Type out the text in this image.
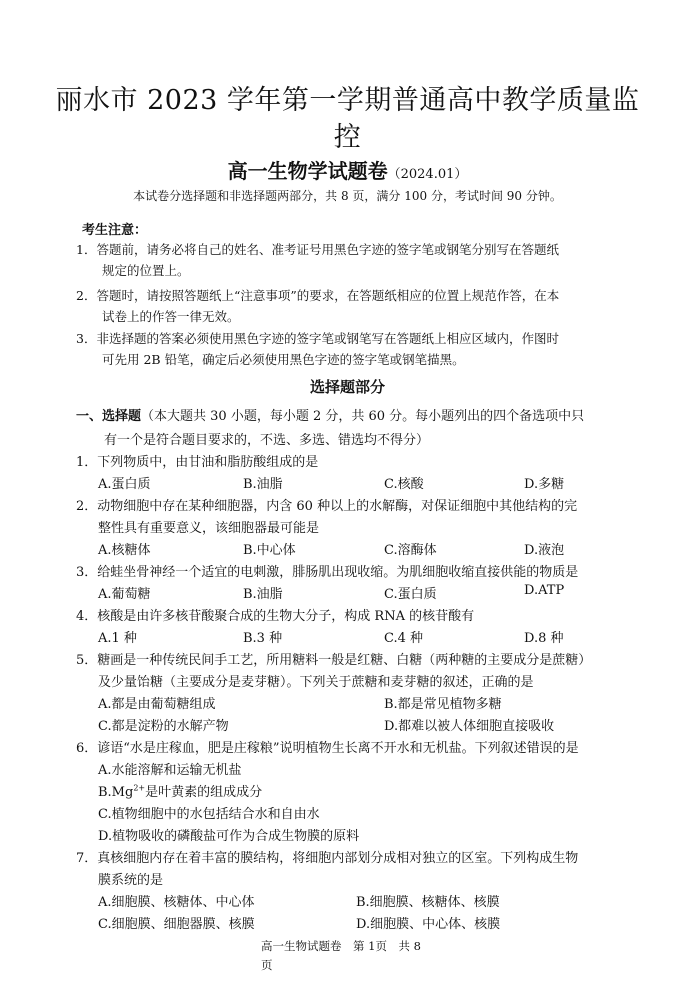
丽水市 2023 学年第一学期普通高中教学质量监
控
高一生物学试题卷（2024.01）
本试卷分选择题和非选择题两部分，共 8 页，满分 100 分，考试时间 90 分钟。
考生注意：
1．答题前，请务必将自己的姓名、准考证号用黑色字迹的签字笔或钢笔分别写在答题纸
规定的位置上。
2．答题时，请按照答题纸上“注意事项”的要求，在答题纸相应的位置上规范作答，在本
试卷上的作答一律无效。
3．非选择题的答案必须使用黑色字迹的签字笔或钢笔写在答题纸上相应区域内，作图时
可先用 2B 铅笔，确定后必须使用黑色字迹的签字笔或钢笔描黑。
选择题部分
一、选择题（本大题共 30 小题，每小题 2 分，共 60 分。每小题列出的四个备选项中只
有一个是符合题目要求的，不选、多选、错选均不得分）
1．下列物质中，由甘油和脂肪酸组成的是
A.蛋白质	B.油脂	C.核酸	D.多糖
2．动物细胞中存在某种细胞器，内含 60 种以上的水解酶，对保证细胞中其他结构的完
整性具有重要意义，该细胞器最可能是
A.核糖体	B.中心体	C.溶酶体	D.液泡
3．给蛙坐骨神经一个适宜的电刺激，腓肠肌出现收缩。为肌细胞收缩直接供能的物质是
A.葡萄糖	B.油脂	C.蛋白质	D.ATP
4．核酸是由许多核苷酸聚合成的生物大分子，构成 RNA 的核苷酸有
A.1 种	B.3 种	C.4 种	D.8 种
5．糖画是一种传统民间手工艺，所用糖料一般是红糖、白糖（两种糖的主要成分是蔗糖）
及少量饴糖（主要成分是麦芽糖）。下列关于蔗糖和麦芽糖的叙述，正确的是
A.都是由葡萄糖组成	B.都是常见植物多糖
C.都是淀粉的水解产物	D.都难以被人体细胞直接吸收
6．谚语“水是庄稼血，肥是庄稼粮”说明植物生长离不开水和无机盐。下列叙述错误的是
A.水能溶解和运输无机盐
$B.Mg^{2+}$是叶黄素的组成成分
C.植物细胞中的水包括结合水和自由水
D.植物吸收的磷酸盐可作为合成生物膜的原料
7．真核细胞内存在着丰富的膜结构，将细胞内部划分成相对独立的区室。下列构成生物
膜系统的是
A.细胞膜、核糖体、中心体	B.细胞膜、核糖体、核膜
C.细胞膜、细胞器膜、核膜	D.细胞膜、中心体、核膜
高一生物试题卷　第 1页　共 8
页
